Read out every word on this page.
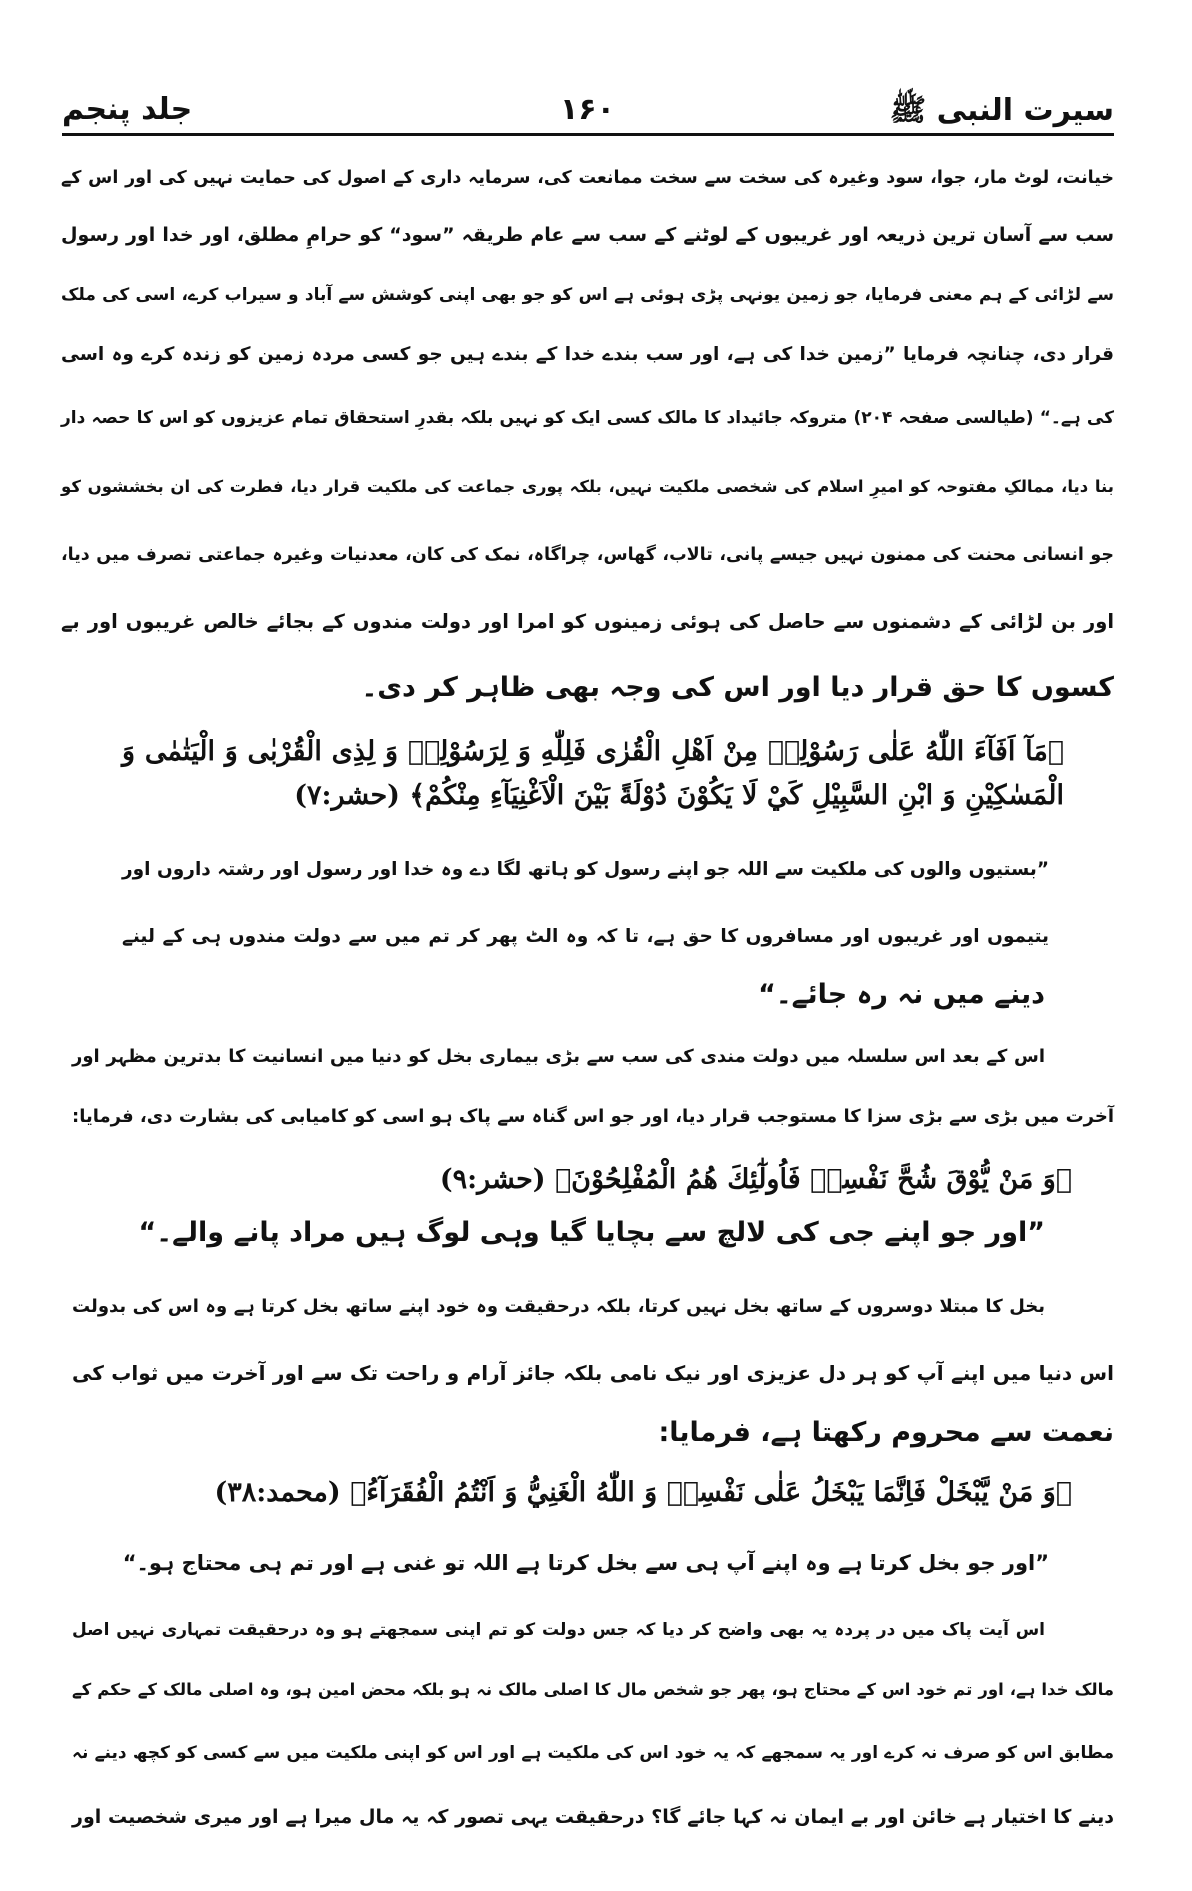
سیرت النبی ﷺ
۱۶۰
جلد پنجم
خیانت، لوٹ مار، جوا، سود وغیرہ کی سخت سے سخت ممانعت کی، سرمایہ داری کے اصول کی حمایت نہیں کی اور اس کے
سب سے آسان ترین ذریعہ اور غریبوں کے لوٹنے کے سب سے عام طریقہ ”سود“ کو حرامِ مطلق، اور خدا اور رسول
سے لڑائی کے ہم معنی فرمایا، جو زمین یونہی پڑی ہوئی ہے اس کو جو بھی اپنی کوشش سے آباد و سیراب کرے، اسی کی ملک
قرار دی، چنانچہ فرمایا ”زمین خدا کی ہے، اور سب بندے خدا کے بندے ہیں جو کسی مردہ زمین کو زندہ کرے وہ اسی
کی ہے۔“ (طیالسی صفحہ ۲۰۴) متروکہ جائیداد کا مالک کسی ایک کو نہیں بلکہ بقدرِ استحقاق تمام عزیزوں کو اس کا حصہ دار
بنا دیا، ممالکِ مفتوحہ کو امیرِ اسلام کی شخصی ملکیت نہیں، بلکہ پوری جماعت کی ملکیت قرار دیا، فطرت کی ان بخششوں کو
جو انسانی محنت کی ممنون نہیں جیسے پانی، تالاب، گھاس، چراگاہ، نمک کی کان، معدنیات وغیرہ جماعتی تصرف میں دیا،
اور بن لڑائی کے دشمنوں سے حاصل کی ہوئی زمینوں کو امرا اور دولت مندوں کے بجائے خالص غریبوں اور بے
کسوں کا حق قرار دیا اور اس کی وجہ بھی ظاہر کر دی۔
﴿مَآ اَفَآءَ اللّٰهُ عَلٰى رَسُوْلِهٖ مِنْ اَهْلِ الْقُرٰى فَلِلّٰهِ وَ لِرَسُوْلِهٖ وَ لِذِى الْقُرْبٰى وَ الْيَتٰمٰى وَ
الْمَسٰكِيْنِ وَ ابْنِ السَّبِيْلِ كَيْ لَا يَكُوْنَ دُوْلَةً بَيْنَ الْاَغْنِيَآءِ مِنْكُمْ﴾ (حشر:۷)
”بستیوں والوں کی ملکیت سے اللہ جو اپنے رسول کو ہاتھ لگا دے وہ خدا اور رسول اور رشتہ داروں اور
یتیموں اور غریبوں اور مسافروں کا حق ہے، تا کہ وہ الٹ پھر کر تم میں سے دولت مندوں ہی کے لینے
دینے میں نہ رہ جائے۔“
اس کے بعد اس سلسلہ میں دولت مندی کی سب سے بڑی بیماری بخل کو دنیا میں انسانیت کا بدترین مظہر اور
آخرت میں بڑی سے بڑی سزا کا مستوجب قرار دیا، اور جو اس گناہ سے پاک ہو اسی کو کامیابی کی بشارت دی، فرمایا:
﴿وَ مَنْ يُّوْقَ شُحَّ نَفْسِهٖ فَاُولٰٓئِكَ هُمُ الْمُفْلِحُوْنَ﴾ (حشر:۹)
”اور جو اپنے جی کی لالچ سے بچایا گیا وہی لوگ ہیں مراد پانے والے۔“
بخل کا مبتلا دوسروں کے ساتھ بخل نہیں کرتا، بلکہ درحقیقت وہ خود اپنے ساتھ بخل کرتا ہے وہ اس کی بدولت
اس دنیا میں اپنے آپ کو ہر دل عزیزی اور نیک نامی بلکہ جائز آرام و راحت تک سے اور آخرت میں ثواب کی
نعمت سے محروم رکھتا ہے، فرمایا:
﴿وَ مَنْ يَّبْخَلْ فَاِنَّمَا يَبْخَلُ عَلٰى نَفْسِهٖ وَ اللّٰهُ الْغَنِيُّ وَ اَنْتُمُ الْفُقَرَآءُ﴾ (محمد:۳۸)
”اور جو بخل کرتا ہے وہ اپنے آپ ہی سے بخل کرتا ہے اللہ تو غنی ہے اور تم ہی محتاج ہو۔“
اس آیت پاک میں در پردہ یہ بھی واضح کر دیا کہ جس دولت کو تم اپنی سمجھتے ہو وہ درحقیقت تمہاری نہیں اصل
مالک خدا ہے، اور تم خود اس کے محتاج ہو، پھر جو شخص مال کا اصلی مالک نہ ہو بلکہ محض امین ہو، وہ اصلی مالک کے حکم کے
مطابق اس کو صرف نہ کرے اور یہ سمجھے کہ یہ خود اس کی ملکیت ہے اور اس کو اپنی ملکیت میں سے کسی کو کچھ دینے نہ
دینے کا اختیار ہے خائن اور بے ایمان نہ کہا جائے گا؟ درحقیقت یہی تصور کہ یہ مال میرا ہے اور میری شخصیت اور
